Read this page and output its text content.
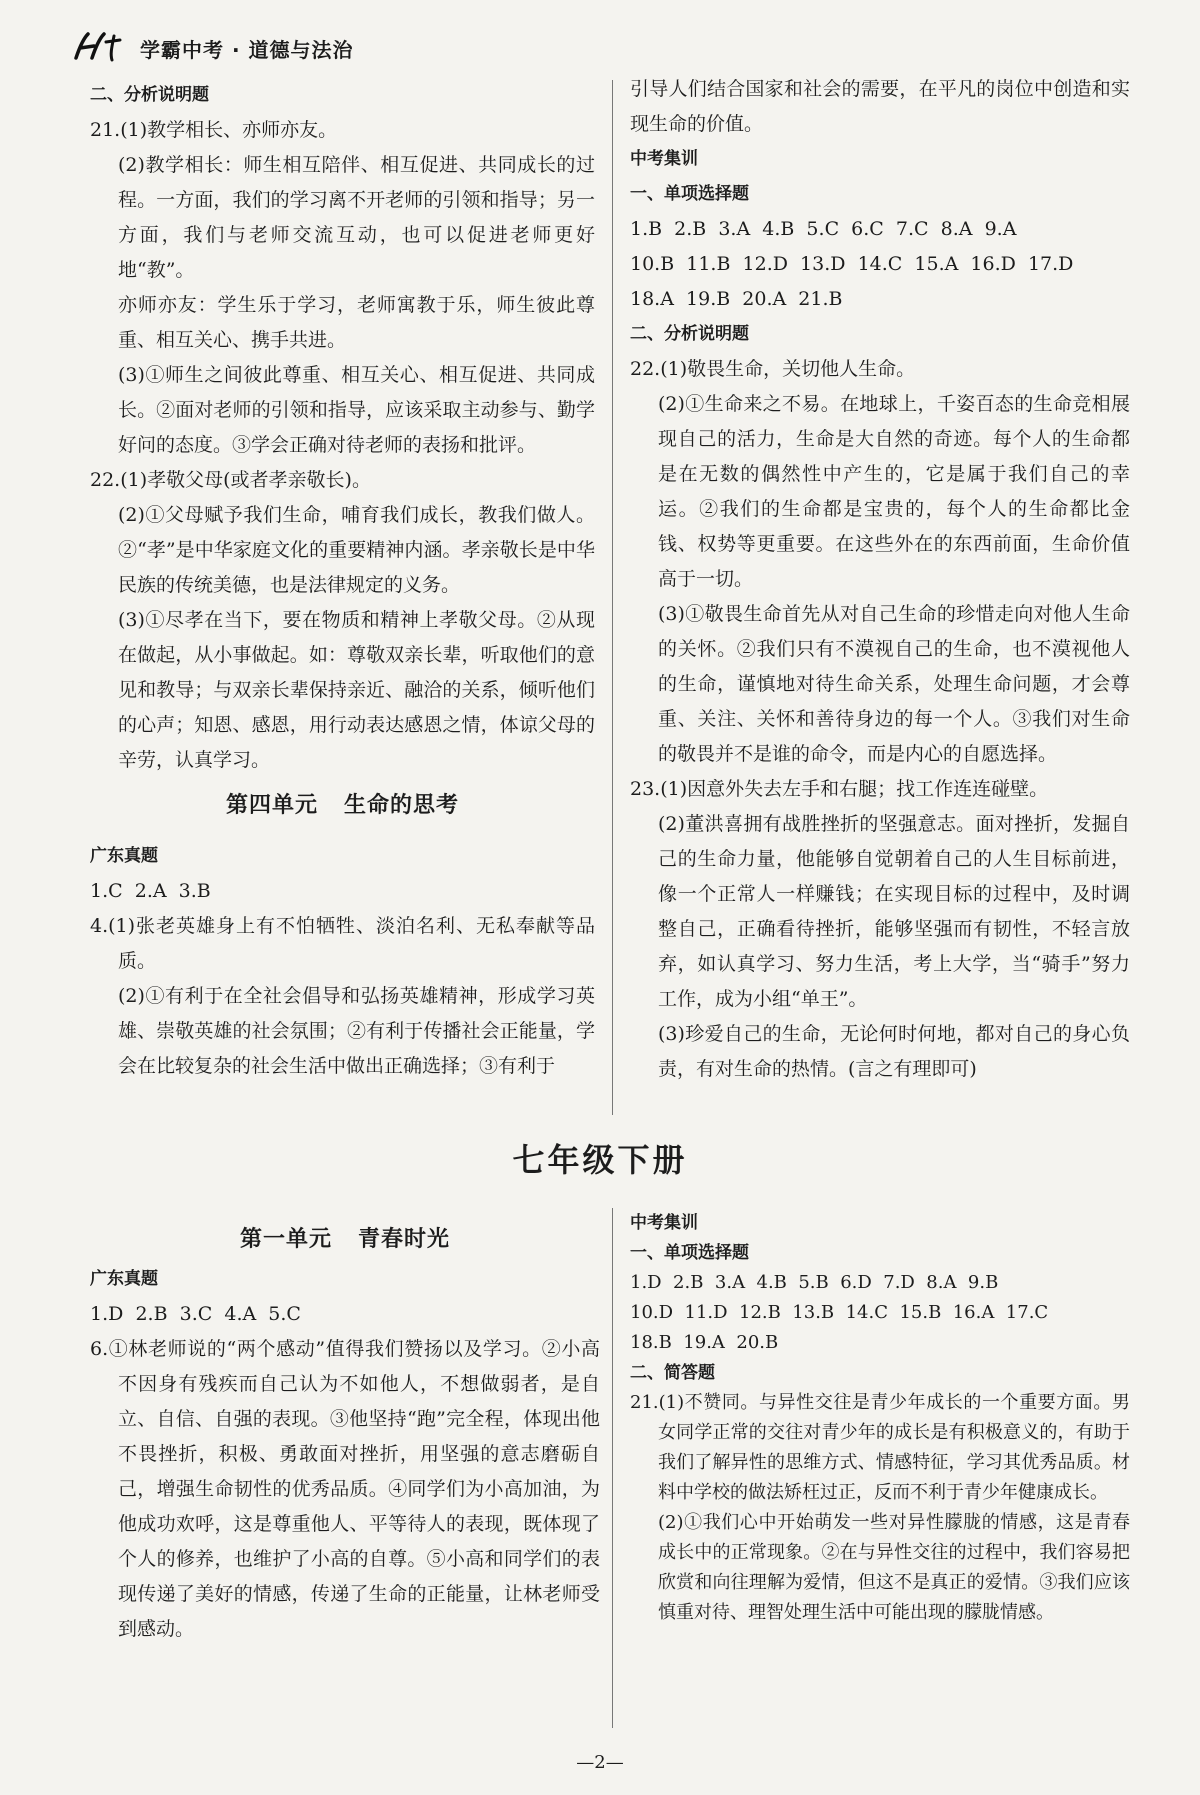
学霸中考 · 道德与法治

二、分析说明题

21.(1)教学相长、亦师亦友。

(2)教学相长：师生相互陪伴、相互促进、共同成长的过程。一方面，我们的学习离不开老师的引领和指导；另一方面，我们与老师交流互动，也可以促进老师更好地“教”。

亦师亦友：学生乐于学习，老师寓教于乐，师生彼此尊重、相互关心、携手共进。

(3)①师生之间彼此尊重、相互关心、相互促进、共同成长。②面对老师的引领和指导，应该采取主动参与、勤学好问的态度。③学会正确对待老师的表扬和批评。

22.(1)孝敬父母(或者孝亲敬长)。

(2)①父母赋予我们生命，哺育我们成长，教我们做人。②“孝”是中华家庭文化的重要精神内涵。孝亲敬长是中华民族的传统美德，也是法律规定的义务。

(3)①尽孝在当下，要在物质和精神上孝敬父母。②从现在做起，从小事做起。如：尊敬双亲长辈，听取他们的意见和教导；与双亲长辈保持亲近、融洽的关系，倾听他们的心声；知恩、感恩，用行动表达感恩之情，体谅父母的辛劳，认真学习。

第四单元 生命的思考

广东真题

1.C  2.A  3.B

4.(1)张老英雄身上有不怕牺牲、淡泊名利、无私奉献等品质。

(2)①有利于在全社会倡导和弘扬英雄精神，形成学习英雄、崇敬英雄的社会氛围；②有利于传播社会正能量，学会在比较复杂的社会生活中做出正确选择；③有利于

引导人们结合国家和社会的需要，在平凡的岗位中创造和实现生命的价值。

中考集训

一、单项选择题

1.B  2.B  3.A  4.B  5.C  6.C  7.C  8.A  9.A

10.B  11.B  12.D  13.D  14.C  15.A  16.D  17.D

18.A  19.B  20.A  21.B

二、分析说明题

22.(1)敬畏生命，关切他人生命。

(2)①生命来之不易。在地球上，千姿百态的生命竞相展现自己的活力，生命是大自然的奇迹。每个人的生命都是在无数的偶然性中产生的，它是属于我们自己的幸运。②我们的生命都是宝贵的，每个人的生命都比金钱、权势等更重要。在这些外在的东西前面，生命价值高于一切。

(3)①敬畏生命首先从对自己生命的珍惜走向对他人生命的关怀。②我们只有不漠视自己的生命，也不漠视他人的生命，谨慎地对待生命关系，处理生命问题，才会尊重、关注、关怀和善待身边的每一个人。③我们对生命的敬畏并不是谁的命令，而是内心的自愿选择。

23.(1)因意外失去左手和右腿；找工作连连碰壁。

(2)董洪喜拥有战胜挫折的坚强意志。面对挫折，发掘自己的生命力量，他能够自觉朝着自己的人生目标前进，像一个正常人一样赚钱；在实现目标的过程中，及时调整自己，正确看待挫折，能够坚强而有韧性，不轻言放弃，如认真学习、努力生活，考上大学，当“骑手”努力工作，成为小组“单王”。

(3)珍爱自己的生命，无论何时何地，都对自己的身心负责，有对生命的热情。(言之有理即可)

七年级下册
第一单元 青春时光

广东真题

1.D  2.B  3.C  4.A  5.C

6.①林老师说的“两个感动”值得我们赞扬以及学习。②小高不因身有残疾而自己认为不如他人，不想做弱者，是自立、自信、自强的表现。③他坚持“跑”完全程，体现出他不畏挫折，积极、勇敢面对挫折，用坚强的意志磨砺自己，增强生命韧性的优秀品质。④同学们为小高加油，为他成功欢呼，这是尊重他人、平等待人的表现，既体现了个人的修养，也维护了小高的自尊。⑤小高和同学们的表现传递了美好的情感，传递了生命的正能量，让林老师受到感动。

中考集训

一、单项选择题

1.D  2.B  3.A  4.B  5.B  6.D  7.D  8.A  9.B

10.D  11.D  12.B  13.B  14.C  15.B  16.A  17.C

18.B  19.A  20.B

二、简答题

21.(1)不赞同。与异性交往是青少年成长的一个重要方面。男女同学正常的交往对青少年的成长是有积极意义的，有助于我们了解异性的思维方式、情感特征，学习其优秀品质。材料中学校的做法矫枉过正，反而不利于青少年健康成长。

(2)①我们心中开始萌发一些对异性朦胧的情感，这是青春成长中的正常现象。②在与异性交往的过程中，我们容易把欣赏和向往理解为爱情，但这不是真正的爱情。③我们应该慎重对待、理智处理生活中可能出现的朦胧情感。

—2—
